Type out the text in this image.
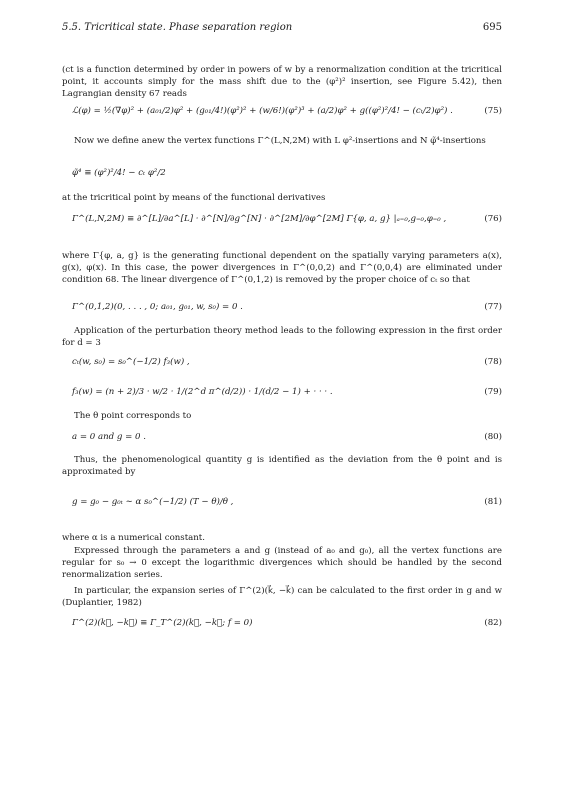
5.5. Tricritical state. Phase separation region	695
(ct is a function determined by order in powers of w by a renormalization condition at the tricritical point, it accounts simply for the mass shift due to the (φ²)² insertion, see Figure 5.42), then Lagrangian density 67 reads
ℒ(φ) = ½(∇φ)² + (a₀₁/2)φ² + (g₀₁/4!)(φ²)² + (w/6!)(φ²)³ + (a/2)φ² + g((φ²)²/4! − (cₜ/2)φ²) .	(75)
Now we define anew the vertex functions Γ^(L,N,2M) with L φ²-insertions and N φ̃⁴-insertions
φ̃⁴ ≡ (φ²)²/4! − cₜ φ²/2
at the tricritical point by means of the functional derivatives
Γ^(L,N,2M) ≡ ∂^[L]/∂a^[L] · ∂^[N]/∂g^[N] · ∂^[2M]/∂φ^[2M] Γ{φ, a, g} |ₐ₌₀,g₌₀,φ₌₀ ,	(76)
where Γ{φ, a, g} is the generating functional dependent on the spatially varying parameters a(x), g(x), φ(x). In this case, the power divergences in Γ^(0,0,2) and Γ^(0,0,4) are eliminated under condition 68. The linear divergence of Γ^(0,1,2) is removed by the proper choice of cₜ so that
Γ^(0,1,2)(0, . . . , 0; a₀₁, g₀₁, w, s₀) = 0 .	(77)
Application of the perturbation theory method leads to the following expression in the first order for d = 3
cₜ(w, s₀) = s₀^(−1/2) f₃(w) ,	(78)
f₃(w) = (n + 2)/3 · w/2 · 1/(2^d π^(d/2)) · 1/(d/2 − 1) + · · · .	(79)
The θ point corresponds to
a = 0 and g = 0 .	(80)
Thus, the phenomenological quantity g is identified as the deviation from the θ point and is approximated by
g = g₀ − g₀ₜ ∼ α s₀^(−1/2) (T − θ)/θ ,	(81)
where α is a numerical constant.
Expressed through the parameters a and g (instead of a₀ and g₀), all the vertex functions are regular for s₀ → 0 except the logarithmic divergences which should be handled by the second renormalization series.
In particular, the expansion series of Γ^(2)(k⃗, −k⃗) can be calculated to the first order in g and w (Duplantier, 1982)
Γ^(2)(k⃗, −k⃗) ≡ Γ_T^(2)(k⃗, −k⃗; f = 0)	(82)
